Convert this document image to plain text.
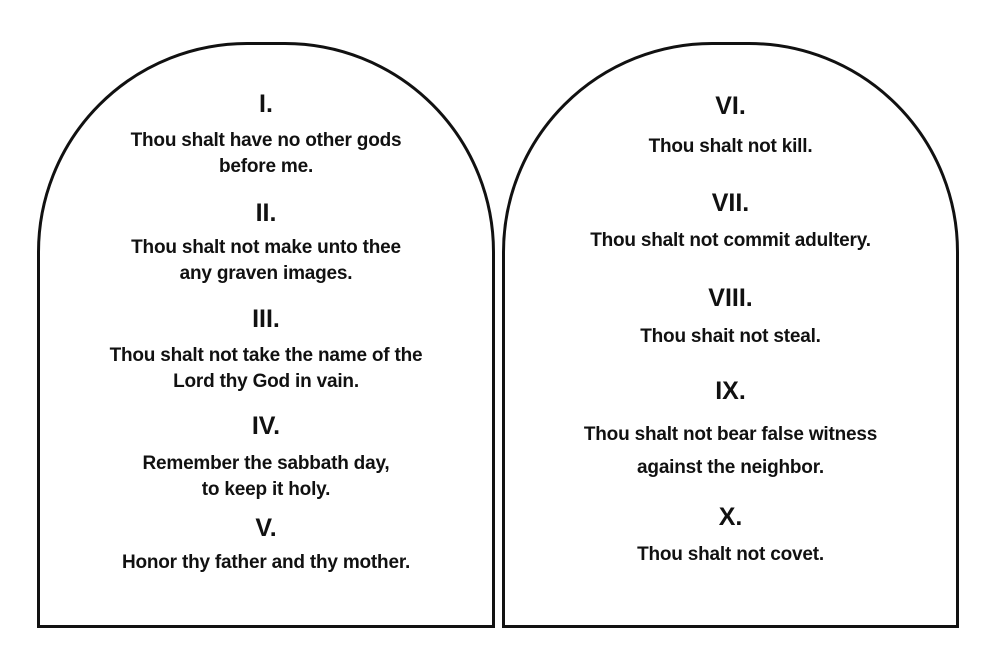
I.
Thou shalt have no other gods
before me.
II.
Thou shalt not make unto thee
any graven images.
III.
Thou shalt not take the name of the
Lord thy God in vain.
IV.
Remember the sabbath day,
to keep it holy.
V.
Honor thy father and thy mother.
VI.
Thou shalt not kill.
VII.
Thou shalt not commit adultery.
VIII.
Thou shait not steal.
IX.
Thou shalt not bear false witness
against the neighbor.
X.
Thou shalt not covet.
